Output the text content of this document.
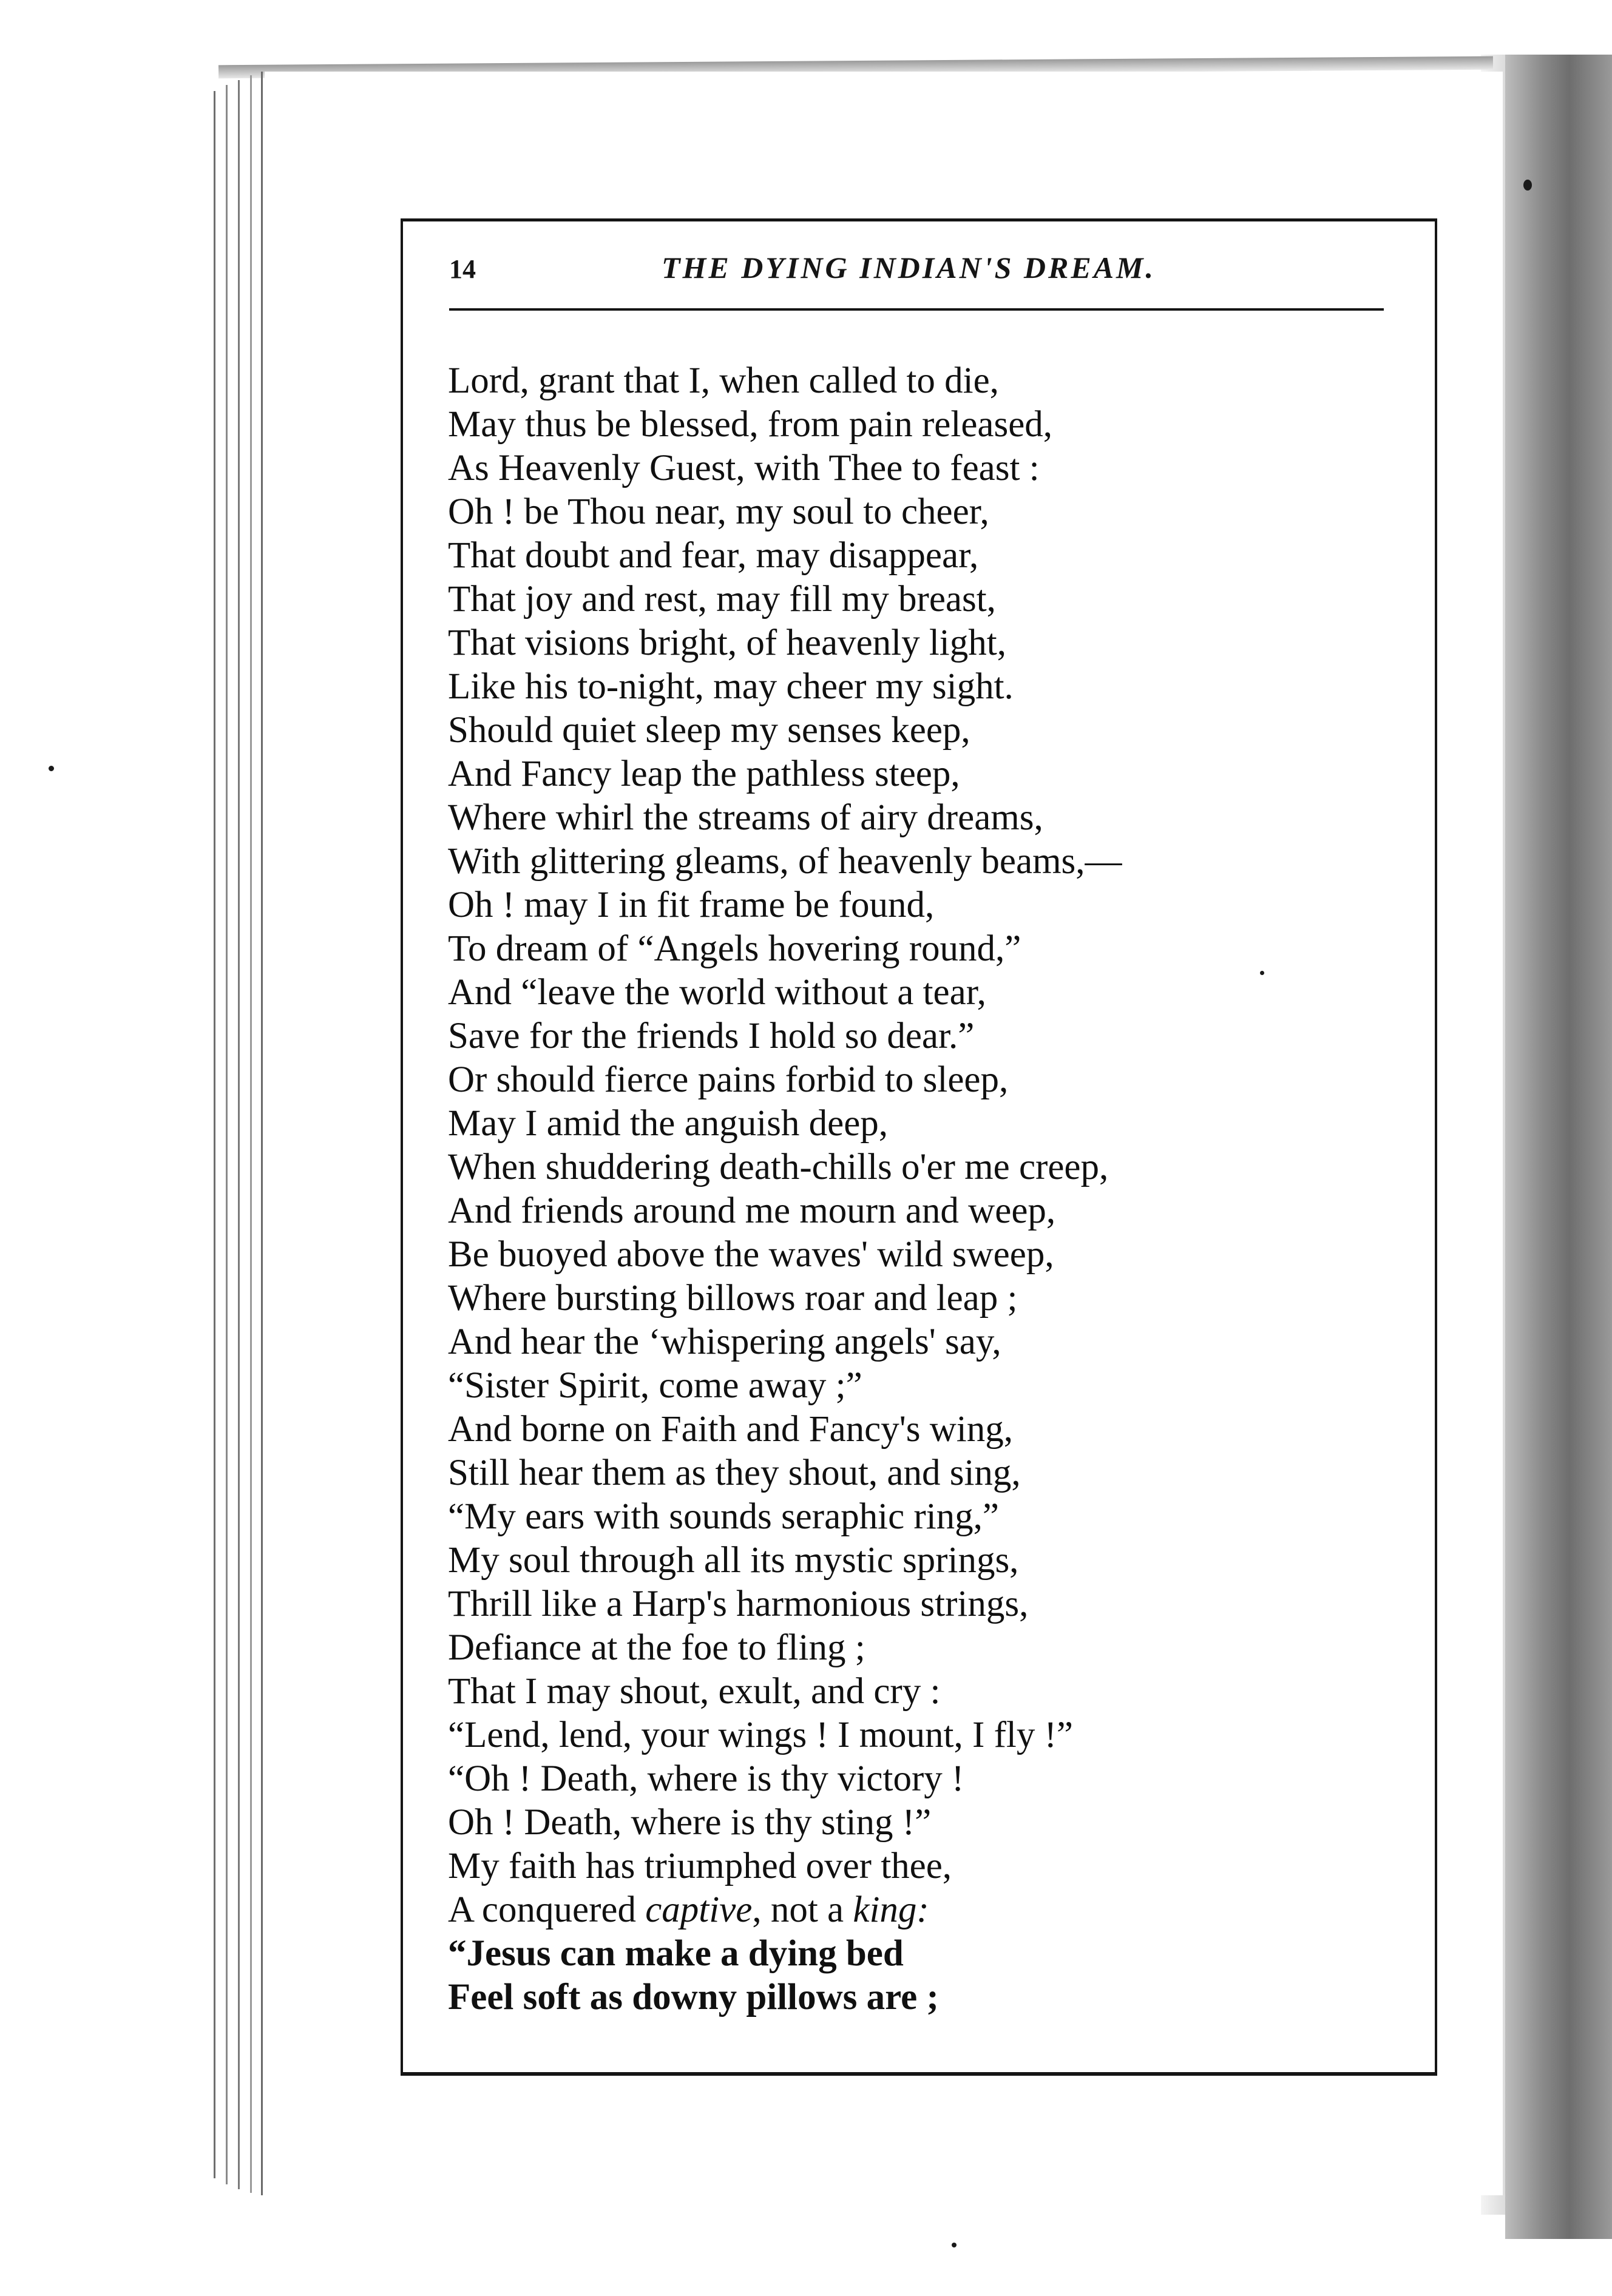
14	THE DYING INDIAN'S DREAM.
Lord, grant that I, when called to die,
May thus be blessed, from pain released,
As Heavenly Guest, with Thee to feast :
Oh ! be Thou near, my soul to cheer,
That doubt and fear, may disappear,
That joy and rest, may fill my breast,
That visions bright, of heavenly light,
Like his to-night, may cheer my sight.
Should quiet sleep my senses keep,
And Fancy leap the pathless steep,
Where whirl the streams of airy dreams,
With glittering gleams, of heavenly beams,—
Oh ! may I in fit frame be found,
To dream of “Angels hovering round,”
And “leave the world without a tear,
Save for the friends I hold so dear.”
Or should fierce pains forbid to sleep,
May I amid the anguish deep,
When shuddering death-chills o'er me creep,
And friends around me mourn and weep,
Be buoyed above the waves' wild sweep,
Where bursting billows roar and leap ;
And hear the ‘whispering angels' say,
“Sister Spirit, come away ;”
And borne on Faith and Fancy's wing,
Still hear them as they shout, and sing,
“My ears with sounds seraphic ring,”
My soul through all its mystic springs,
Thrill like a Harp's harmonious strings,
Defiance at the foe to fling ;
That I may shout, exult, and cry :
“Lend, lend, your wings ! I mount, I fly !”
“Oh ! Death, where is thy victory !
Oh ! Death, where is thy sting !”
My faith has triumphed over thee,
A conquered captive, not a king:
“Jesus can make a dying bed
Feel soft as downy pillows are ;
